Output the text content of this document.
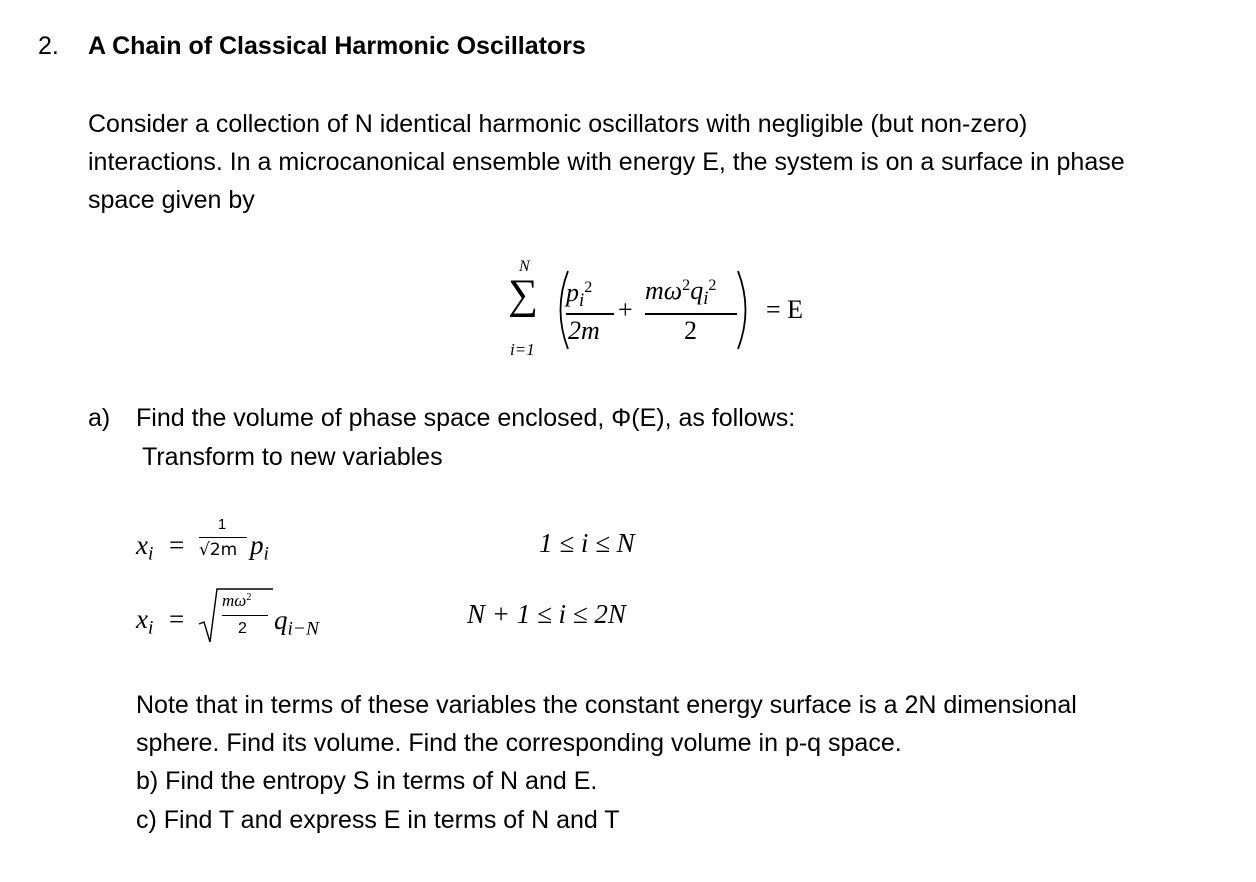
2. A Chain of Classical Harmonic Oscillators
Consider a collection of N identical harmonic oscillators with negligible (but non-zero)
interactions. In a microcanonical ensemble with energy E, the system is on a surface in phase
space given by
N
∑
i=1
$p_i^2$
2m
+
$m\omega^2q_i^2$
2
= E
a) Find the volume of phase space enclosed, Φ(E), as follows:
Transform to new variables
$x_i$ =
1
√2m $p_i$	1 ≤ i ≤ N
$x_i$ =
$m\omega^2$
2 $q_{i-N}$	N + 1 ≤ i ≤ 2N
Note that in terms of these variables the constant energy surface is a 2N dimensional
sphere. Find its volume. Find the corresponding volume in p-q space.
b) Find the entropy S in terms of N and E.
c) Find T and express E in terms of N and T
